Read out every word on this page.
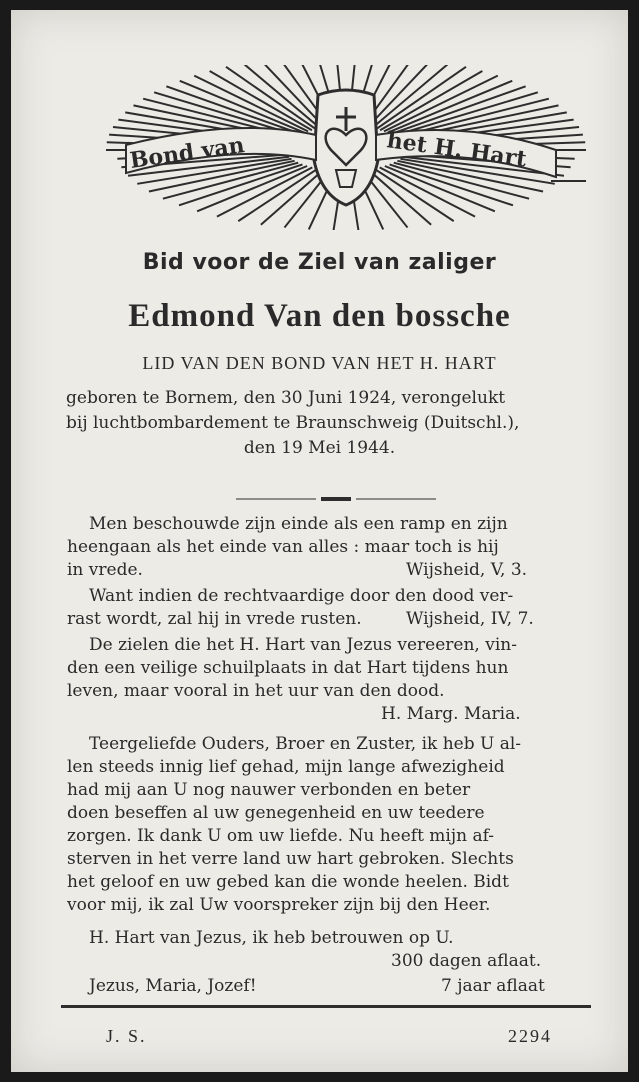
Bond van	het H. Hart
Bid voor de Ziel van zaliger
Edmond Van den bossche
LID VAN DEN BOND VAN HET H. HART
geboren te Bornem, den 30 Juni 1924, verongelukt
bij luchtbombardement te Braunschweig (Duitschl.),
den 19 Mei 1944.
Men beschouwde zijn einde als een ramp en zijn
heengaan als het einde van alles : maar toch is hij
in vrede.	Wijsheid, V, 3.
Want indien de rechtvaardige door den dood ver-
rast wordt, zal hij in vrede rusten.	Wijsheid, IV, 7.
De zielen die het H. Hart van Jezus vereeren, vin-
den een veilige schuilplaats in dat Hart tijdens hun
leven, maar vooral in het uur van den dood.
H. Marg. Maria.
Teergeliefde Ouders, Broer en Zuster, ik heb U al-
len steeds innig lief gehad, mijn lange afwezigheid
had mij aan U nog nauwer verbonden en beter
doen beseffen al uw genegenheid en uw teedere
zorgen. Ik dank U om uw liefde. Nu heeft mijn af-
sterven in het verre land uw hart gebroken. Slechts
het geloof en uw gebed kan die wonde heelen. Bidt
voor mij, ik zal Uw voorspreker zijn bij den Heer.
H. Hart van Jezus, ik heb betrouwen op U.
300 dagen aflaat.
Jezus, Maria, Jozef!	7 jaar aflaat
J. S.	2294
